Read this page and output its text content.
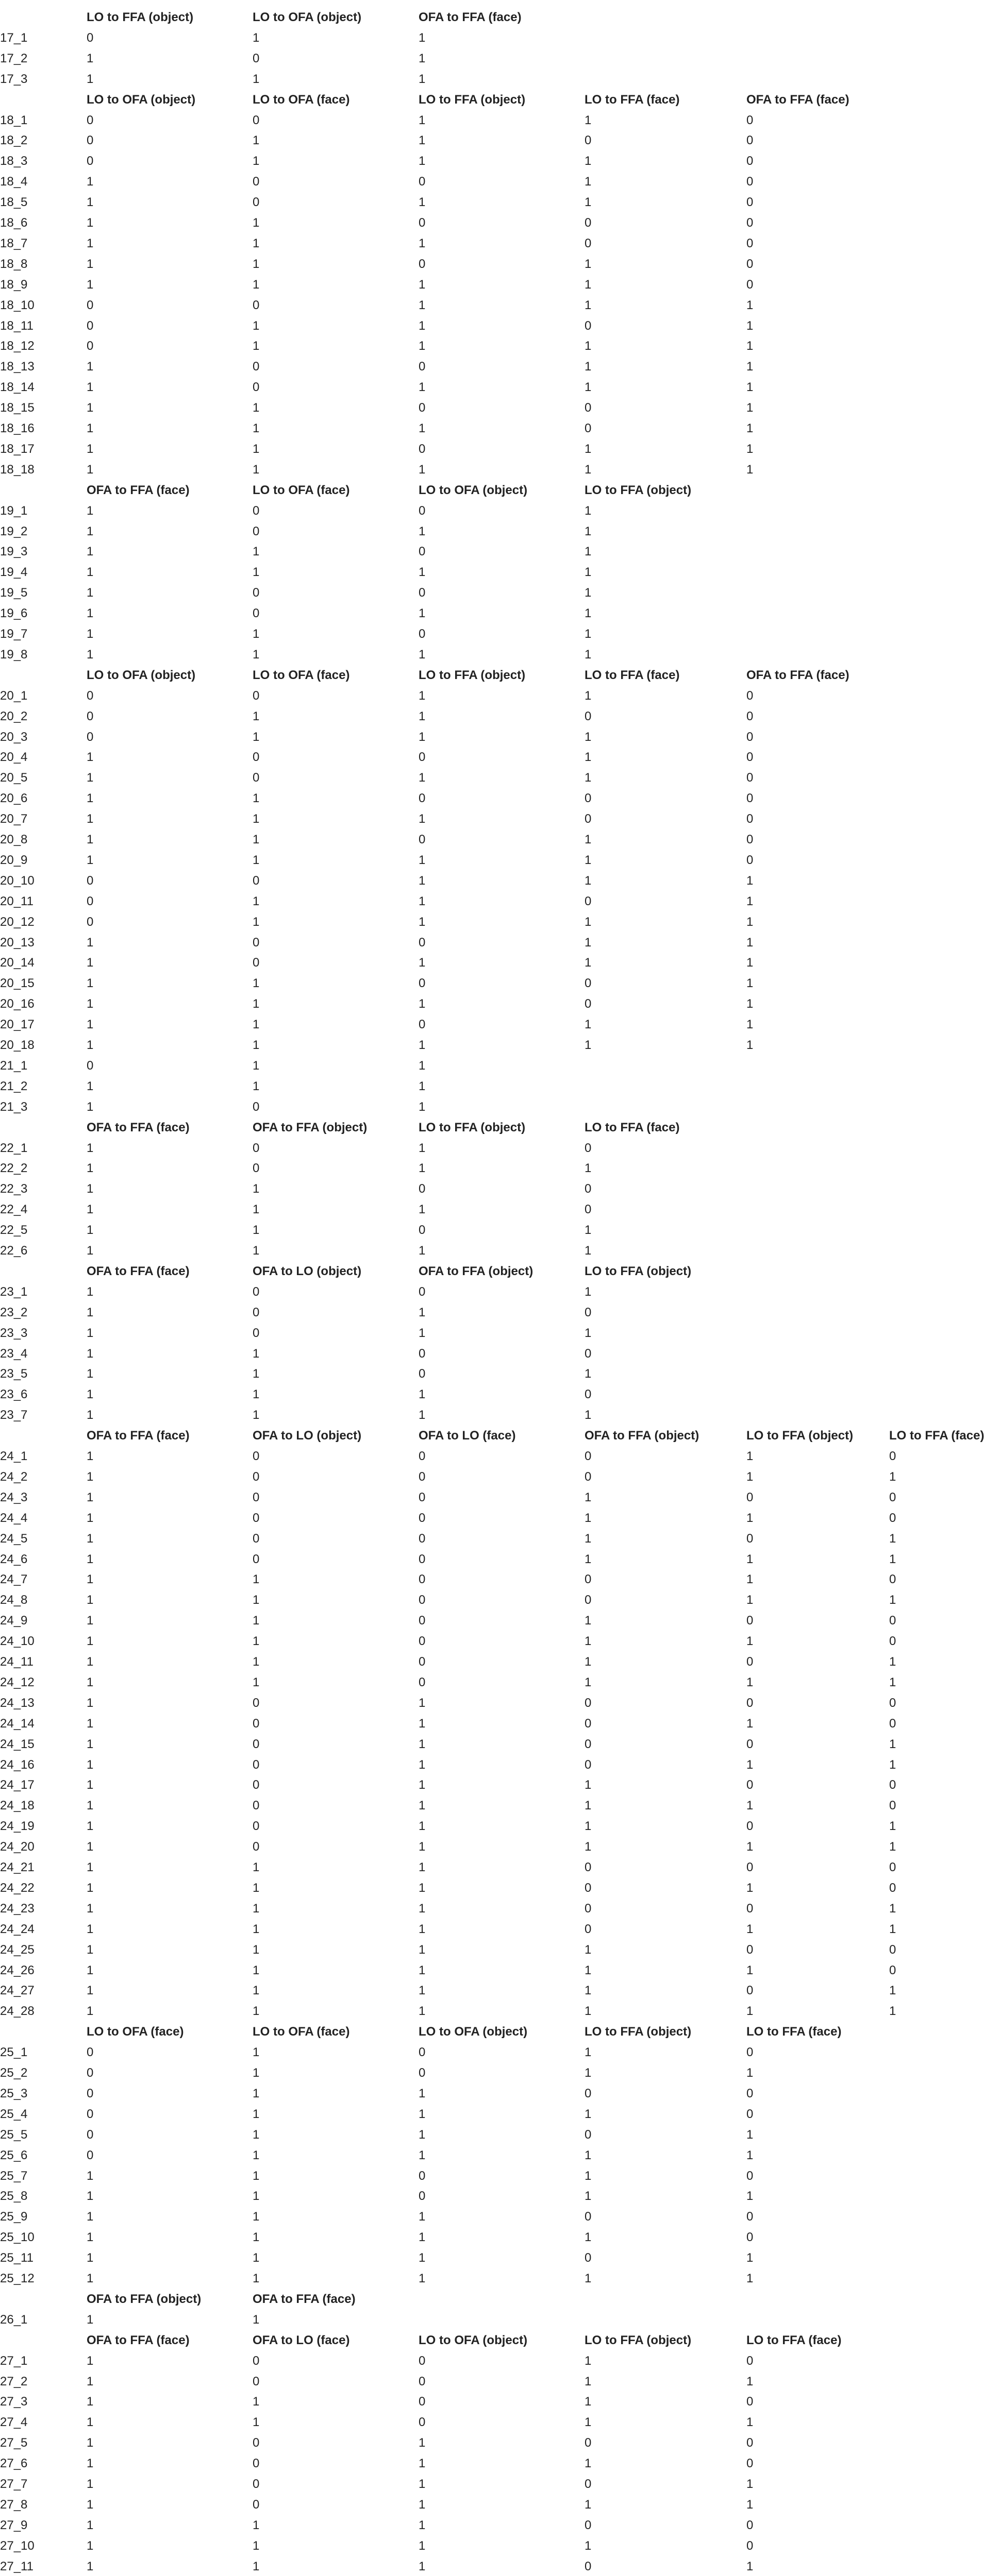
LO to FFA (object)	LO to OFA (object)	OFA to FFA (face)
17_1	0	1	1
17_2	1	0	1
17_3	1	1	1
LO to OFA (object)	LO to OFA (face)	LO to FFA (object)	LO to FFA (face)	OFA to FFA (face)
18_1	0	0	1	1	0
18_2	0	1	1	0	0
18_3	0	1	1	1	0
18_4	1	0	0	1	0
18_5	1	0	1	1	0
18_6	1	1	0	0	0
18_7	1	1	1	0	0
18_8	1	1	0	1	0
18_9	1	1	1	1	0
18_10	0	0	1	1	1
18_11	0	1	1	0	1
18_12	0	1	1	1	1
18_13	1	0	0	1	1
18_14	1	0	1	1	1
18_15	1	1	0	0	1
18_16	1	1	1	0	1
18_17	1	1	0	1	1
18_18	1	1	1	1	1
OFA to FFA (face)	LO to OFA (face)	LO to OFA (object)	LO to FFA (object)
19_1	1	0	0	1
19_2	1	0	1	1
19_3	1	1	0	1
19_4	1	1	1	1
19_5	1	0	0	1
19_6	1	0	1	1
19_7	1	1	0	1
19_8	1	1	1	1
LO to OFA (object)	LO to OFA (face)	LO to FFA (object)	LO to FFA (face)	OFA to FFA (face)
20_1	0	0	1	1	0
20_2	0	1	1	0	0
20_3	0	1	1	1	0
20_4	1	0	0	1	0
20_5	1	0	1	1	0
20_6	1	1	0	0	0
20_7	1	1	1	0	0
20_8	1	1	0	1	0
20_9	1	1	1	1	0
20_10	0	0	1	1	1
20_11	0	1	1	0	1
20_12	0	1	1	1	1
20_13	1	0	0	1	1
20_14	1	0	1	1	1
20_15	1	1	0	0	1
20_16	1	1	1	0	1
20_17	1	1	0	1	1
20_18	1	1	1	1	1
21_1	0	1	1
21_2	1	1	1
21_3	1	0	1
OFA to FFA (face)	OFA to FFA (object)	LO to FFA (object)	LO to FFA (face)
22_1	1	0	1	0
22_2	1	0	1	1
22_3	1	1	0	0
22_4	1	1	1	0
22_5	1	1	0	1
22_6	1	1	1	1
OFA to FFA (face)	OFA to LO (object)	OFA to FFA (object)	LO to FFA (object)
23_1	1	0	0	1
23_2	1	0	1	0
23_3	1	0	1	1
23_4	1	1	0	0
23_5	1	1	0	1
23_6	1	1	1	0
23_7	1	1	1	1
OFA to FFA (face)	OFA to LO (object)	OFA to LO (face)	OFA to FFA (object)	LO to FFA (object)	LO to FFA (face)
24_1	1	0	0	0	1	0
24_2	1	0	0	0	1	1
24_3	1	0	0	1	0	0
24_4	1	0	0	1	1	0
24_5	1	0	0	1	0	1
24_6	1	0	0	1	1	1
24_7	1	1	0	0	1	0
24_8	1	1	0	0	1	1
24_9	1	1	0	1	0	0
24_10	1	1	0	1	1	0
24_11	1	1	0	1	0	1
24_12	1	1	0	1	1	1
24_13	1	0	1	0	0	0
24_14	1	0	1	0	1	0
24_15	1	0	1	0	0	1
24_16	1	0	1	0	1	1
24_17	1	0	1	1	0	0
24_18	1	0	1	1	1	0
24_19	1	0	1	1	0	1
24_20	1	0	1	1	1	1
24_21	1	1	1	0	0	0
24_22	1	1	1	0	1	0
24_23	1	1	1	0	0	1
24_24	1	1	1	0	1	1
24_25	1	1	1	1	0	0
24_26	1	1	1	1	1	0
24_27	1	1	1	1	0	1
24_28	1	1	1	1	1	1
LO to OFA (face)	LO to OFA (face)	LO to OFA (object)	LO to FFA (object)	LO to FFA (face)
25_1	0	1	0	1	0
25_2	0	1	0	1	1
25_3	0	1	1	0	0
25_4	0	1	1	1	0
25_5	0	1	1	0	1
25_6	0	1	1	1	1
25_7	1	1	0	1	0
25_8	1	1	0	1	1
25_9	1	1	1	0	0
25_10	1	1	1	1	0
25_11	1	1	1	0	1
25_12	1	1	1	1	1
OFA to FFA (object)	OFA to FFA (face)
26_1	1	1
OFA to FFA (face)	OFA to LO (face)	LO to OFA (object)	LO to FFA (object)	LO to FFA (face)
27_1	1	0	0	1	0
27_2	1	0	0	1	1
27_3	1	1	0	1	0
27_4	1	1	0	1	1
27_5	1	0	1	0	0
27_6	1	0	1	1	0
27_7	1	0	1	0	1
27_8	1	0	1	1	1
27_9	1	1	1	0	0
27_10	1	1	1	1	0
27_11	1	1	1	0	1
